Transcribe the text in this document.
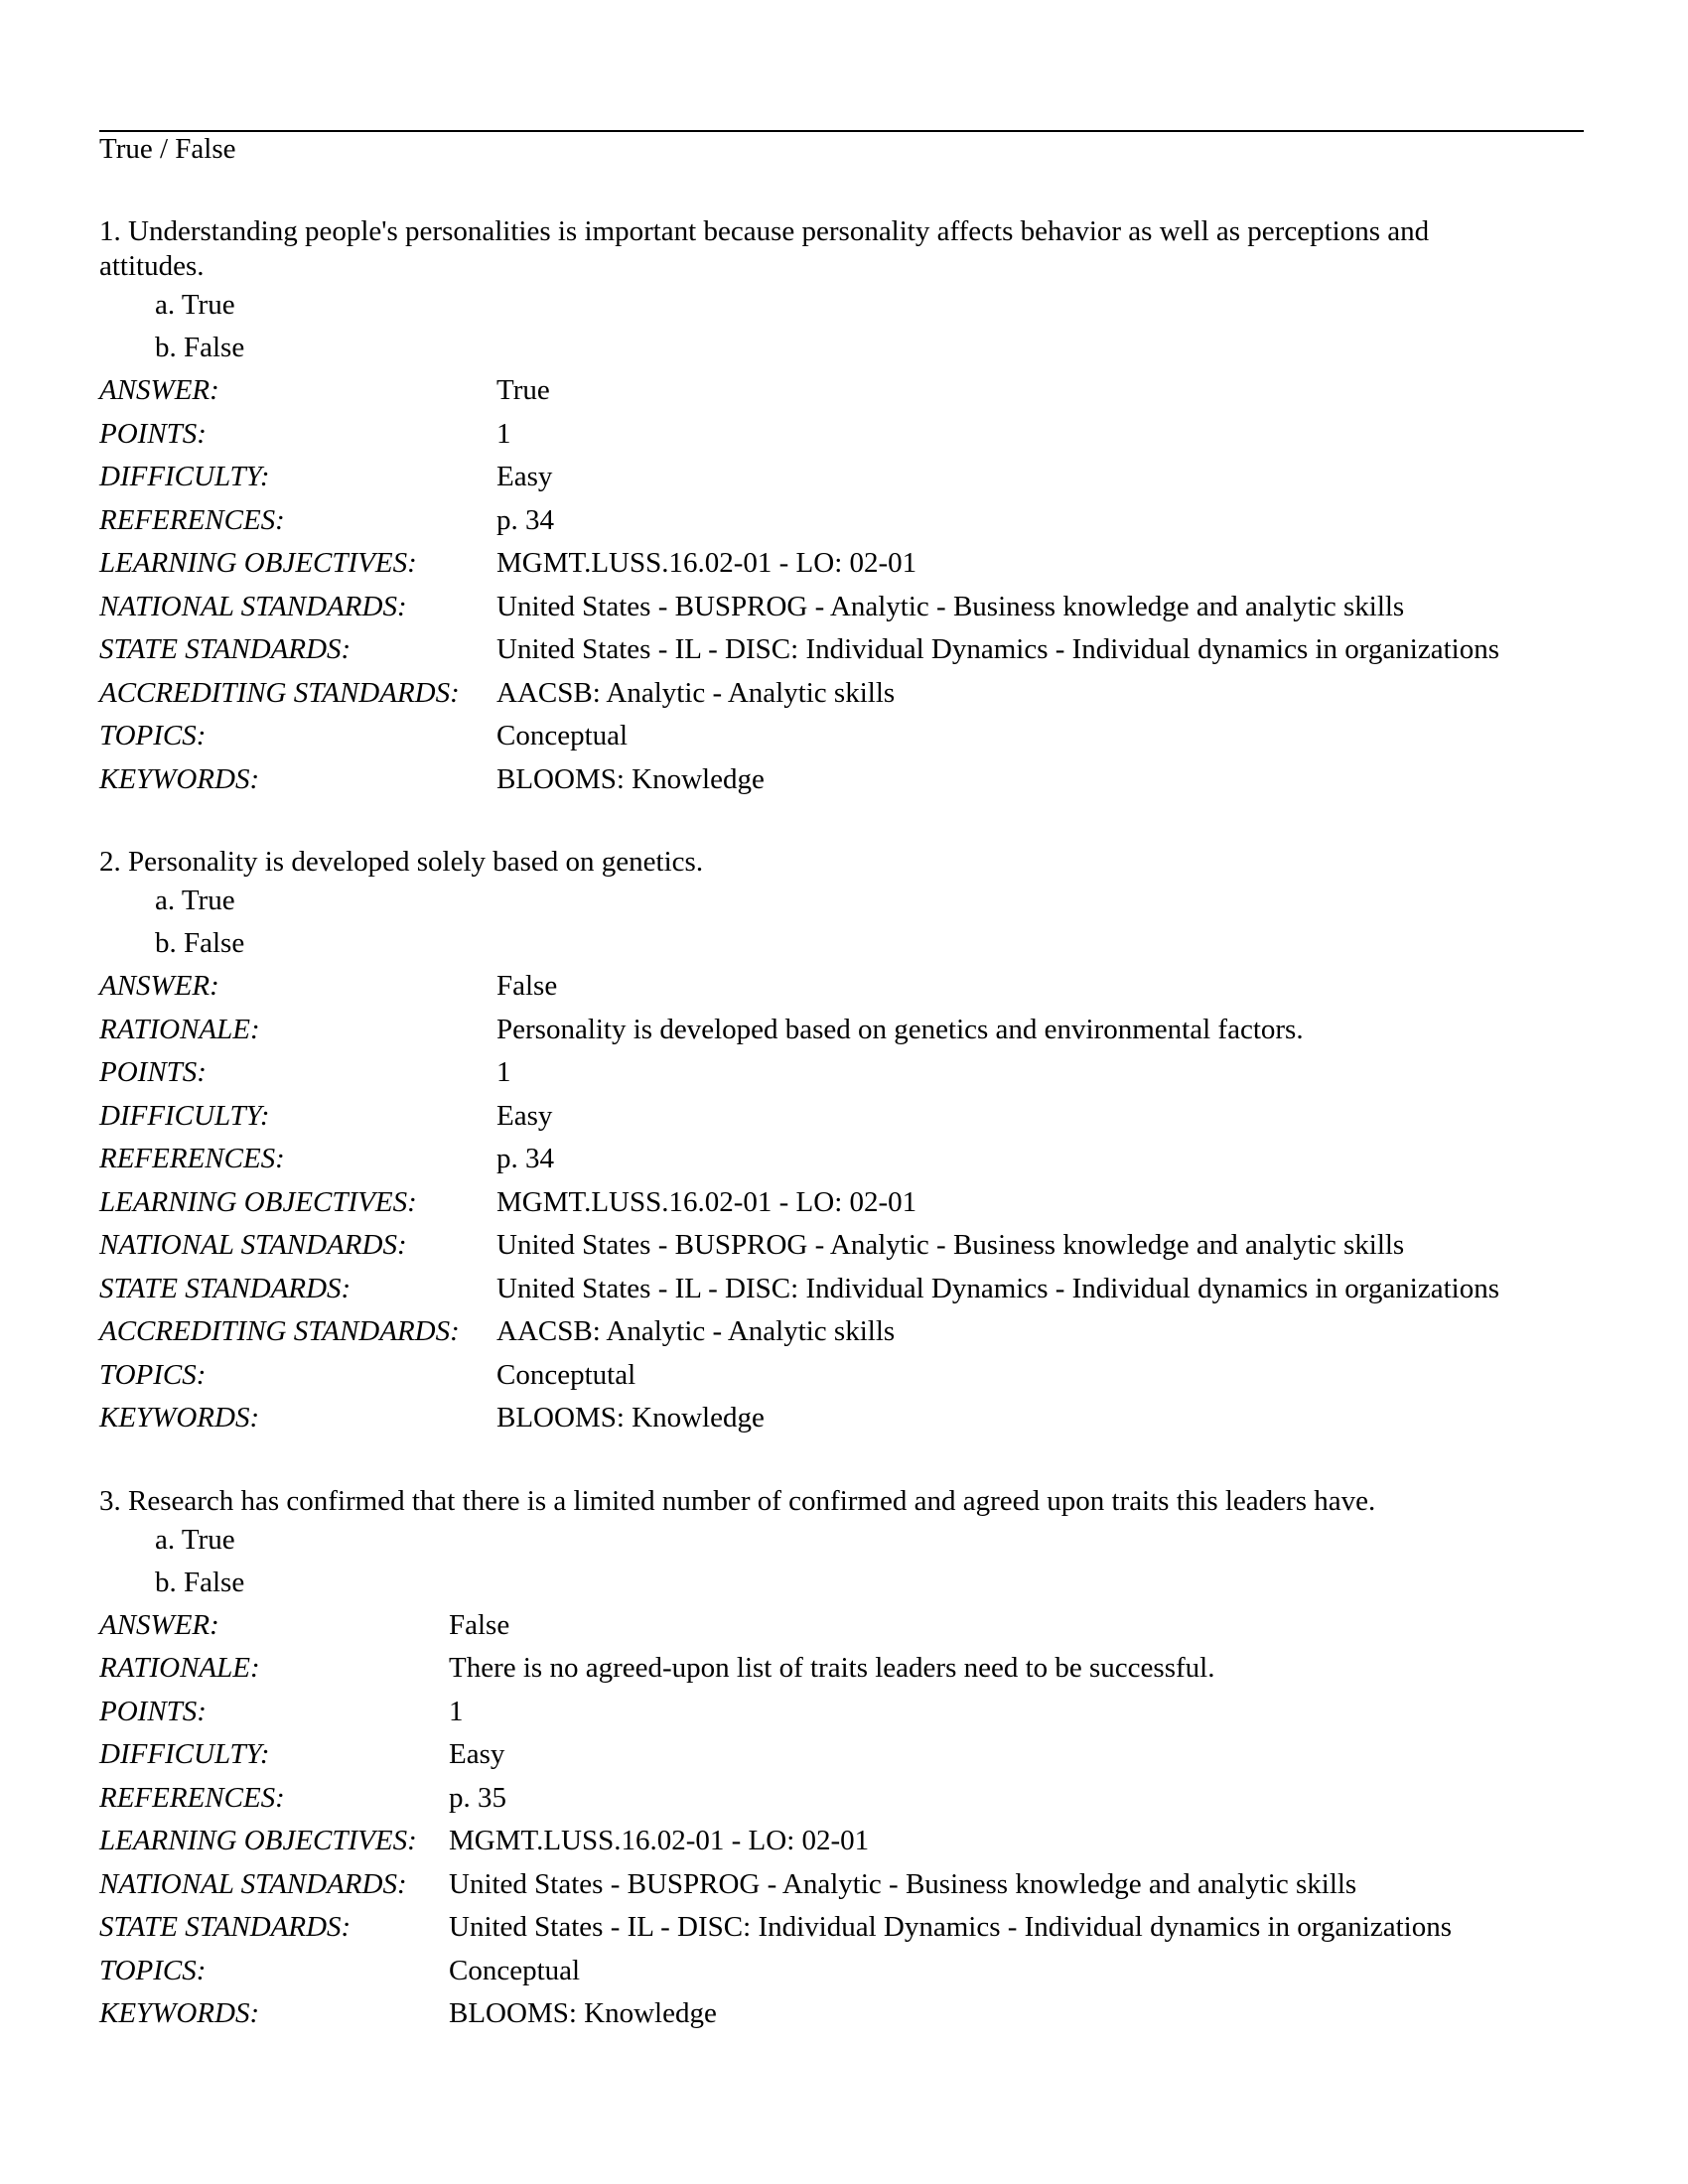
True / False
1. Understanding people's personalities is important because personality affects behavior as well as perceptions and attitudes.
a. True
b. False
ANSWER:	True
POINTS:	1
DIFFICULTY:	Easy
REFERENCES:	p. 34
LEARNING OBJECTIVES:	MGMT.LUSS.16.02-01 - LO: 02-01
NATIONAL STANDARDS:	United States - BUSPROG - Analytic - Business knowledge and analytic skills
STATE STANDARDS:	United States - IL - DISC: Individual Dynamics - Individual dynamics in organizations
ACCREDITING STANDARDS:	AACSB: Analytic - Analytic skills
TOPICS:	Conceptual
KEYWORDS:	BLOOMS: Knowledge
2. Personality is developed solely based on genetics.
a. True
b. False
ANSWER:	False
RATIONALE:	Personality is developed based on genetics and environmental factors.
POINTS:	1
DIFFICULTY:	Easy
REFERENCES:	p. 34
LEARNING OBJECTIVES:	MGMT.LUSS.16.02-01 - LO: 02-01
NATIONAL STANDARDS:	United States - BUSPROG - Analytic - Business knowledge and analytic skills
STATE STANDARDS:	United States - IL - DISC: Individual Dynamics - Individual dynamics in organizations
ACCREDITING STANDARDS:	AACSB: Analytic - Analytic skills
TOPICS:	Conceptutal
KEYWORDS:	BLOOMS: Knowledge
3. Research has confirmed that there is a limited number of confirmed and agreed upon traits this leaders have.
a. True
b. False
ANSWER:	False
RATIONALE:	There is no agreed-upon list of traits leaders need to be successful.
POINTS:	1
DIFFICULTY:	Easy
REFERENCES:	p. 35
LEARNING OBJECTIVES:	MGMT.LUSS.16.02-01 - LO: 02-01
NATIONAL STANDARDS:	United States - BUSPROG - Analytic - Business knowledge and analytic skills
STATE STANDARDS:	United States - IL - DISC: Individual Dynamics - Individual dynamics in organizations
TOPICS:	Conceptual
KEYWORDS:	BLOOMS: Knowledge
